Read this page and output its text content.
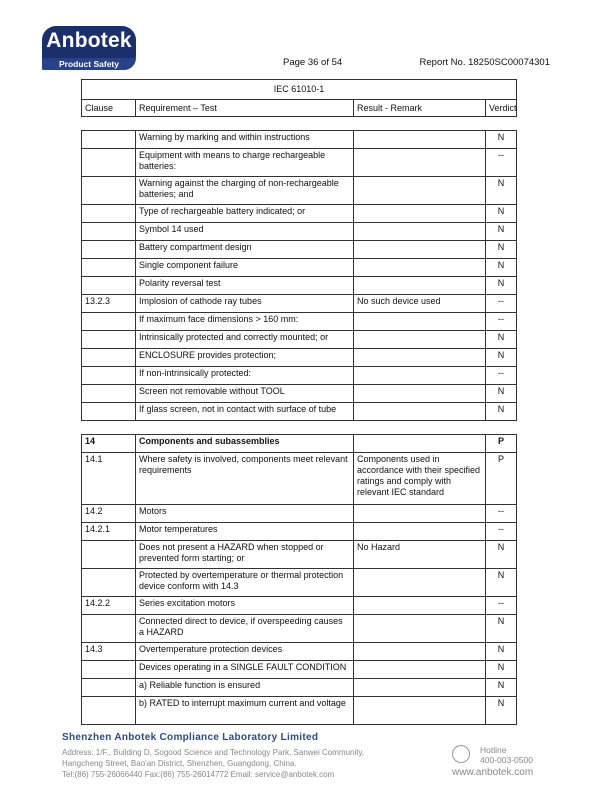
Anbotek
Product Safety	Page 36 of 54	Report No. 18250SC00074301
IEC 61010-1
Clause	Requirement – Test	Result - Remark	Verdict
	Warning by marking and within instructions		N
	Equipment with means to charge rechargeable batteries:		--
	Warning against the charging of non-rechargeable batteries; and		N
	Type of rechargeable battery indicated; or		N
	Symbol 14 used		N
	Battery compartment design		N
	Single component failure		N
	Polarity reversal test		N
13.2.3	Implosion of cathode ray tubes	No such device used	--
	If maximum face dimensions > 160 mm:		--
	Intrinsically protected and correctly mounted; or		N
	ENCLOSURE provides protection;		N
	If non-intrinsically protected:		--
	Screen not removable without TOOL		N
	If glass screen, not in contact with surface of tube		N
14	Components and subassemblies		P
14.1	Where safety is involved, components meet relevant requirements	Components used in accordance with their specified ratings and comply with relevant IEC standard	P
14.2	Motors		--
14.2.1	Motor temperatures		--
	Does not present a HAZARD when stopped or prevented form starting; or	No Hazard	N
	Protected by overtemperature or thermal protection device conform with 14.3		N
14.2.2	Series excitation motors		--
	Connected direct to device, if overspeeding causes a HAZARD		N
14.3	Overtemperature protection devices		N
	Devices operating in a SINGLE FAULT CONDITION		N
	a) Reliable function is ensured		N
	b) RATED to interrupt maximum current and voltage		N
Shenzhen Anbotek Compliance Laboratory Limited
Address: 1/F., Building D, Sogood Science and Technology Park, Sanwei Community, Hangcheng Street, Bao'an District, Shenzhen, Guangdong, China.
Tel:(86) 755-26066440 Fax:(86) 755-26014772 Email: service@anbotek.com
Hotline
400-003-0500
www.anbotek.com
